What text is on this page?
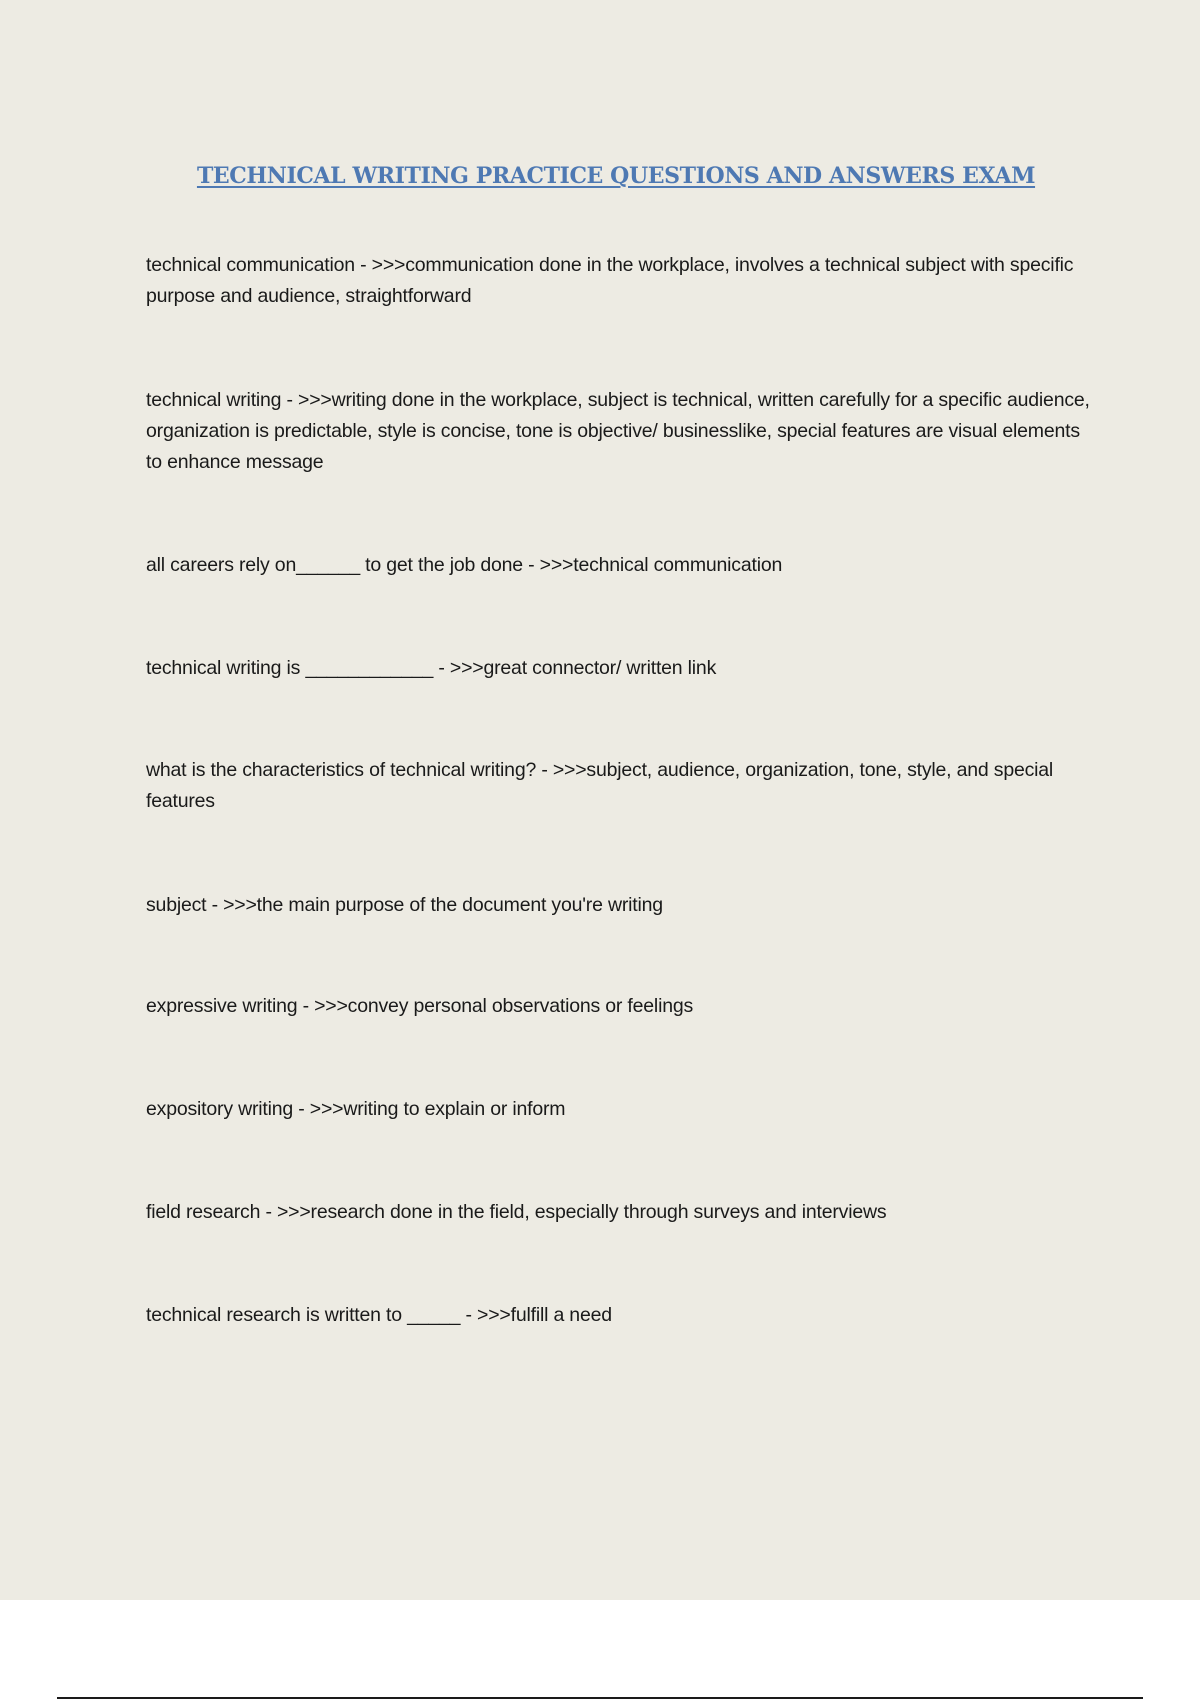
TECHNICAL WRITING PRACTICE QUESTIONS AND ANSWERS EXAM

technical communication - >>>communication done in the workplace, involves a technical subject with specific purpose and audience, straightforward

technical writing - >>>writing done in the workplace, subject is technical, written carefully for a specific audience, organization is predictable, style is concise, tone is objective/ businesslike, special features are visual elements to enhance message

all careers rely on______ to get the job done - >>>technical communication

technical writing is ____________ - >>>great connector/ written link

what is the characteristics of technical writing? - >>>subject, audience, organization, tone, style, and special features

subject - >>>the main purpose of the document you're writing

expressive writing - >>>convey personal observations or feelings

expository writing - >>>writing to explain or inform

field research - >>>research done in the field, especially through surveys and interviews

technical research is written to _____ - >>>fulfill a need
